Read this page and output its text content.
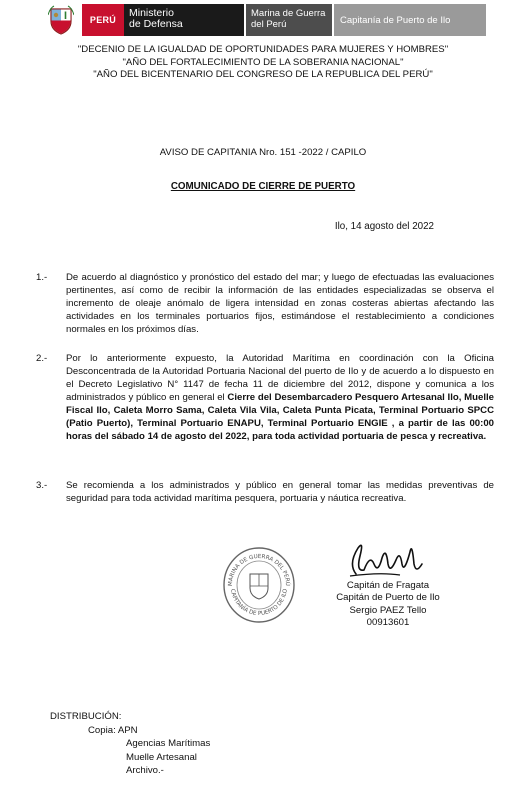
PERÚ
Ministerio
de Defensa
Marina de Guerra
del Perú	Capitanía de Puerto de Ilo
"DECENIO DE LA IGUALDAD DE OPORTUNIDADES PARA MUJERES Y HOMBRES"
"AÑO DEL FORTALECIMIENTO DE LA SOBERANIA NACIONAL"
"AÑO DEL BICENTENARIO DEL CONGRESO DE LA REPUBLICA DEL PERÚ"
AVISO DE CAPITANIA Nro. 151 -2022 / CAPILO
COMUNICADO DE CIERRE DE PUERTO
Ilo, 14 agosto del 2022
1.- De acuerdo al diagnóstico y pronóstico del estado del mar; y luego de efectuadas las evaluaciones pertinentes, así como de recibir la información de las entidades especializadas se observa el incremento de oleaje anómalo de ligera intensidad en zonas costeras abiertas afectando las actividades en los terminales portuarios fijos, estimándose el restablecimiento a condiciones normales en los próximos días.
2.- Por lo anteriormente expuesto, la Autoridad Marítima en coordinación con la Oficina Desconcentrada de la Autoridad Portuaria Nacional del puerto de Ilo y de acuerdo a lo dispuesto en el Decreto Legislativo N° 1147 de fecha 11 de diciembre del 2012, dispone y comunica a los administrados y público en general el Cierre del Desembarcadero Pesquero Artesanal Ilo, Muelle Fiscal Ilo, Caleta Morro Sama, Caleta Vila Vila, Caleta Punta Picata, Terminal Portuario SPCC (Patio Puerto), Terminal Portuario ENAPU, Terminal Portuario ENGIE , a partir de las 00:00 horas del sábado 14 de agosto del 2022, para toda actividad portuaria de pesca y recreativa.
3.- Se recomienda a los administrados y público en general tomar las medidas preventivas de seguridad para toda actividad marítima pesquera, portuaria y náutica recreativa.
MARINA DE GUERRA DEL PERÚ
CAPITANÍA DE PUERTO DE ILO
Capitán de Fragata
Capitán de Puerto de Ilo
Sergio PAEZ Tello
00913601
DISTRIBUCIÓN:
Copia: APN
Agencias Marítimas
Muelle Artesanal
Archivo.-
